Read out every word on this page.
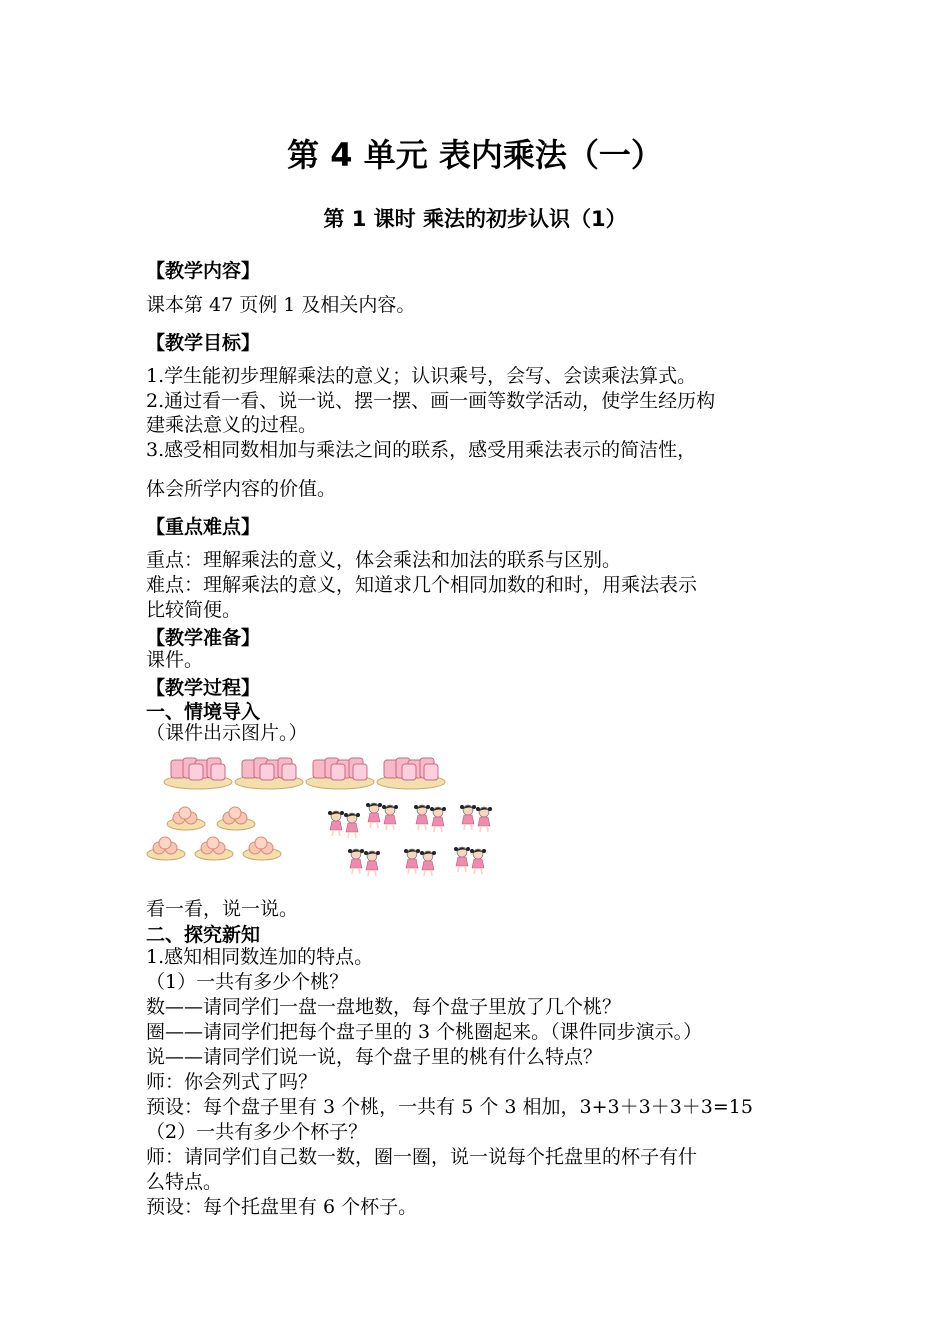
第 4 单元 表内乘法（一）
第 1 课时 乘法的初步认识（1）
【教学内容】
课本第 47 页例 1 及相关内容。
【教学目标】
1.学生能初步理解乘法的意义；认识乘号，会写、会读乘法算式。
2.通过看一看、说一说、摆一摆、画一画等数学活动，使学生经历构
建乘法意义的过程。
3.感受相同数相加与乘法之间的联系，感受用乘法表示的简洁性，
体会所学内容的价值。
【重点难点】
重点：理解乘法的意义，体会乘法和加法的联系与区别。
难点：理解乘法的意义，知道求几个相同加数的和时，用乘法表示
比较简便。
【教学准备】
课件。
【教学过程】
一、情境导入
（课件出示图片。）
看一看，说一说。
二、探究新知
1.感知相同数连加的特点。
（1）一共有多少个桃？
数——请同学们一盘一盘地数，每个盘子里放了几个桃？
圈——请同学们把每个盘子里的 3 个桃圈起来。（课件同步演示。）
说——请同学们说一说，每个盘子里的桃有什么特点？
师：你会列式了吗？
预设：每个盘子里有 3 个桃，一共有 5 个 3 相加，3+3＋3＋3＋3=15
（2）一共有多少个杯子？
师：请同学们自己数一数，圈一圈，说一说每个托盘里的杯子有什
么特点。
预设：每个托盘里有 6 个杯子。
